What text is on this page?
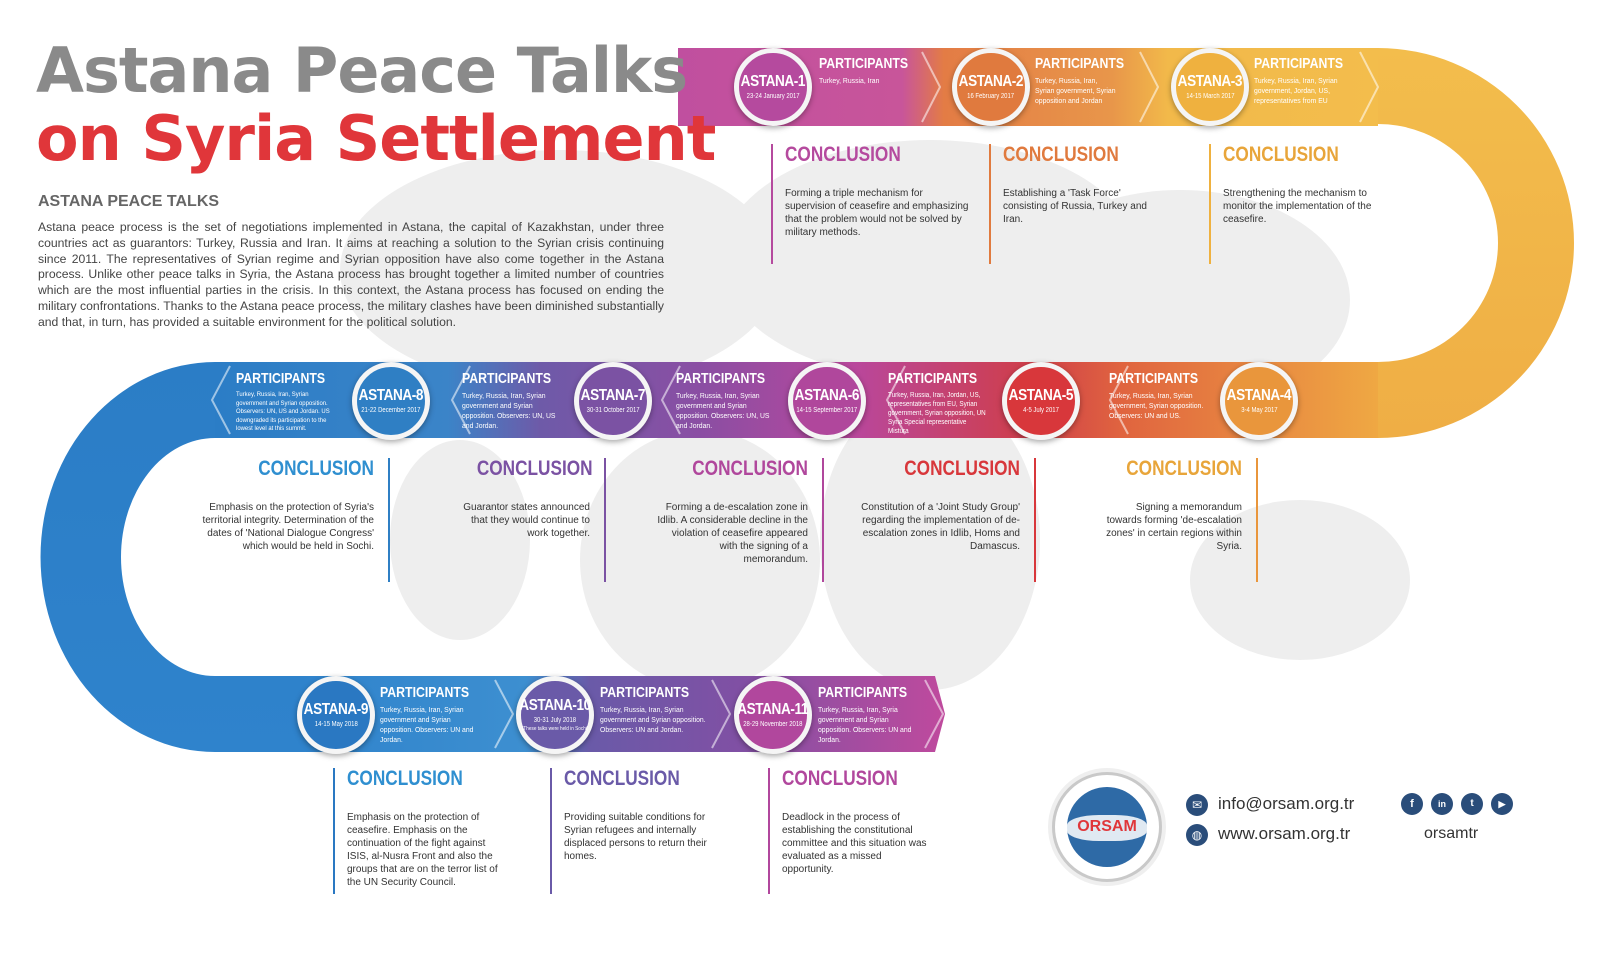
Astana Peace Talks
on Syria Settlement
ASTANA PEACE TALKS
Astana peace process is the set of negotiations implemented in Astana, the capital of Kazakhstan, under three countries act as guarantors: Turkey, Russia and Iran. It aims at reaching a solution to the Syrian crisis continuing since 2011. The representatives of Syrian regime and Syrian opposition have also come together in the Astana process. Unlike other peace talks in Syria, the Astana process has brought together a limited number of countries which are the most influential parties in the crisis. In this context, the Astana process has focused on ending the military confrontations. Thanks to the Astana peace process, the military clashes have been diminished substantially and that, in turn, has provided a suitable environment for the political solution.
ASTANA-1
23-24 January 2017
PARTICIPANTS
Turkey, Russia, Iran
CONCLUSION
Forming a triple mechanism for supervision of ceasefire and emphasizing that the problem would not be solved by military methods.
ASTANA-2
16 February 2017
PARTICIPANTS
Turkey, Russia, Iran, Syrian government, Syrian opposition and Jordan
CONCLUSION
Establishing a 'Task Force' consisting of Russia, Turkey and Iran.
ASTANA-3
14-15 March 2017
PARTICIPANTS
Turkey, Russia, Iran, Syrian government, Jordan, US, representatives from EU
CONCLUSION
Strengthening the mechanism to monitor the implementation of the ceasefire.
ASTANA-4
3-4 May 2017
PARTICIPANTS
Turkey, Russia, Iran, Syrian government, Syrian opposition. Observers: UN and US.
CONCLUSION
Signing a memorandum towards forming 'de-escalation zones' in certain regions within Syria.
ASTANA-5
4-5 July 2017
PARTICIPANTS
Turkey, Russia, Iran, Jordan, US, representatives from EU, Syrian government, Syrian opposition, UN Syria Special representative Mistura
CONCLUSION
Constitution of a 'Joint Study Group' regarding the implementation of de-escalation zones in Idlib, Homs and Damascus.
ASTANA-6
14-15 September 2017
PARTICIPANTS
Turkey, Russia, Iran, Syrian government and Syrian opposition. Observers: UN, US and Jordan.
CONCLUSION
Forming a de-escalation zone in Idlib. A considerable decline in the violation of ceasefire appeared with the signing of a memorandum.
ASTANA-7
30-31 October 2017
PARTICIPANTS
Turkey, Russia, Iran, Syrian government and Syrian opposition. Observers: UN, US and Jordan.
CONCLUSION
Guarantor states announced that they would continue to work together.
ASTANA-8
21-22 December 2017
PARTICIPANTS
Turkey, Russia, Iran, Syrian government and Syrian opposition. Observers: UN, US and Jordan. US downgraded its participation to the lowest level at this summit.
CONCLUSION
Emphasis on the protection of Syria's territorial integrity. Determination of the dates of 'National Dialogue Congress' which would be held in Sochi.
ASTANA-9
14-15 May 2018
PARTICIPANTS
Turkey, Russia, Iran, Syrian government and Syrian opposition. Observers: UN and Jordan.
CONCLUSION
Emphasis on the protection of ceasefire. Emphasis on the continuation of the fight against ISIS, al-Nusra Front and also the groups that are on the terror list of the UN Security Council.
ASTANA-10
30-31 July 2018
(These talks were held in Sochi)
PARTICIPANTS
Turkey, Russia, Iran, Syrian government and Syrian opposition. Observers: UN and Jordan.
CONCLUSION
Providing suitable conditions for Syrian refugees and internally displaced persons to return their homes.
ASTANA-11
28-29 November 2018
PARTICIPANTS
Turkey, Russia, Iran, Syria government and Syrian opposition. Observers: UN and Jordan.
CONCLUSION
Deadlock in the process of establishing the constitutional committee and this situation was evaluated as a missed opportunity.
ORSAM
✉ info@orsam.org.tr
◍ www.orsam.org.tr
f	in	t	▶
orsamtr
